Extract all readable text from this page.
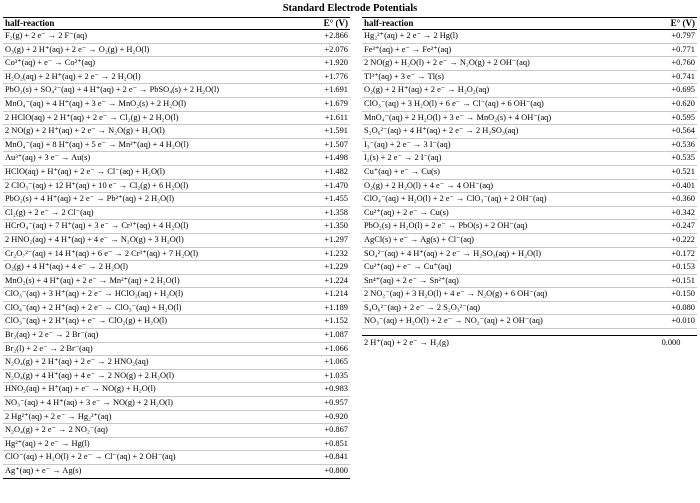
Standard Electrode Potentials
half-reaction	E° (V)
F₂(g) + 2 e⁻ → 2 F⁻(aq)	+2.866
O₃(g) + 2 H⁺(aq) + 2 e⁻ → O₂(g) + H₂O(l)	+2.076
Co³⁺(aq) + e⁻ → Co²⁺(aq)	+1.920
H₂O₂(aq) + 2 H⁺(aq) + 2 e⁻ → 2 H₂O(l)	+1.776
PbO₂(s) + SO₄²⁻(aq) + 4 H⁺(aq) + 2 e⁻ → PbSO₄(s) + 2 H₂O(l)	+1.691
MnO₄⁻(aq) + 4 H⁺(aq) + 3 e⁻ → MnO₂(s) + 2 H₂O(l)	+1.679
2 HClO(aq) + 2 H⁺(aq) + 2 e⁻ → Cl₂(g) + 2 H₂O(l)	+1.611
2 NO(g) + 2 H⁺(aq) + 2 e⁻ → N₂O(g) + H₂O(l)	+1.591
MnO₄⁻(aq) + 8 H⁺(aq) + 5 e⁻ → Mn²⁺(aq) + 4 H₂O(l)	+1.507
Au³⁺(aq) + 3 e⁻ → Au(s)	+1.498
HClO(aq) + H⁺(aq) + 2 e⁻ → Cl⁻(aq) + H₂O(l)	+1.482
2 ClO₃⁻(aq) + 12 H⁺(aq) + 10 e⁻ → Cl₂(g) + 6 H₂O(l)	+1.470
PbO₂(s) + 4 H⁺(aq) + 2 e⁻ → Pb²⁺(aq) + 2 H₂O(l)	+1.455
Cl₂(g) + 2 e⁻ → 2 Cl⁻(aq)	+1.358
HCrO₄⁻(aq) + 7 H⁺(aq) + 3 e⁻ → Cr³⁺(aq) + 4 H₂O(l)	+1.350
2 HNO₂(aq) + 4 H⁺(aq) + 4 e⁻ → N₂O(g) + 3 H₂O(l)	+1.297
Cr₂O₇²⁻(aq) + 14 H⁺(aq) + 6 e⁻ → 2 Cr³⁺(aq) + 7 H₂O(l)	+1.232
O₂(g) + 4 H⁺(aq) + 4 e⁻ → 2 H₂O(l)	+1.229
MnO₂(s) + 4 H⁺(aq) + 2 e⁻ → Mn²⁺(aq) + 2 H₂O(l)	+1.224
ClO₃⁻(aq) + 3 H⁺(aq) + 2 e⁻ → HClO₂(aq) + H₂O(l)	+1.214
ClO₄⁻(aq) + 2 H⁺(aq) + 2 e⁻ → ClO₃⁻(aq) + H₂O(l)	+1.189
ClO₃⁻(aq) + 2 H⁺(aq) + e⁻ → ClO₂(g) + H₂O(l)	+1.152
Br₂(aq) + 2 e⁻ → 2 Br⁻(aq)	+1.087
Br₂(l) + 2 e⁻ → 2 Br⁻(aq)	+1.066
N₂O₄(g) + 2 H⁺(aq) + 2 e⁻ → 2 HNO₂(aq)	+1.065
N₂O₄(g) + 4 H⁺(aq) + 4 e⁻ → 2 NO(g) + 2 H₂O(l)	+1.035
HNO₂(aq) + H⁺(aq) + e⁻ → NO(g) + H₂O(l)	+0.983
NO₃⁻(aq) + 4 H⁺(aq) + 3 e⁻ → NO(g) + 2 H₂O(l)	+0.957
2 Hg²⁺(aq) + 2 e⁻ → Hg₂²⁺(aq)	+0.920
N₂O₄(g) + 2 e⁻ → 2 NO₂⁻(aq)	+0.867
Hg²⁺(aq) + 2 e⁻ → Hg(l)	+0.851
ClO⁻(aq) + H₂O(l) + 2 e⁻ → Cl⁻(aq) + 2 OH⁻(aq)	+0.841
Ag⁺(aq) + e⁻ → Ag(s)	+0.800
half-reaction	E° (V)
Hg₂²⁺(aq) + 2 e⁻ → 2 Hg(l)	+0.797
Fe³⁺(aq) + e⁻ → Fe²⁺(aq)	+0.771
2 NO(g) + H₂O(l) + 2 e⁻ → N₂O(g) + 2 OH⁻(aq)	+0.760
Tl³⁺(aq) + 3 e⁻ → Tl(s)	+0.741
O₂(g) + 2 H⁺(aq) + 2 e⁻ → H₂O₂(aq)	+0.695
ClO₃⁻(aq) + 3 H₂O(l) + 6 e⁻ → Cl⁻(aq) + 6 OH⁻(aq)	+0.620
MnO₄⁻(aq) + 2 H₂O(l) + 3 e⁻ → MnO₂(s) + 4 OH⁻(aq)	+0.595
S₂O₆²⁻(aq) + 4 H⁺(aq) + 2 e⁻ → 2 H₂SO₃(aq)	+0.564
I₃⁻(aq) + 2 e⁻ → 3 I⁻(aq)	+0.536
I₂(s) + 2 e⁻ → 2 I⁻(aq)	+0.535
Cu⁺(aq) + e⁻ → Cu(s)	+0.521
O₂(g) + 2 H₂O(l) + 4 e⁻ → 4 OH⁻(aq)	+0.401
ClO₄⁻(aq) + H₂O(l) + 2 e⁻ → ClO₃⁻(aq) + 2 OH⁻(aq)	+0.360
Cu²⁺(aq) + 2 e⁻ → Cu(s)	+0.342
PbO₂(s) + H₂O(l) + 2 e⁻ → PbO(s) + 2 OH⁻(aq)	+0.247
AgCl(s) + e⁻ → Ag(s) + Cl⁻(aq)	+0.222
SO₄²⁻(aq) + 4 H⁺(aq) + 2 e⁻ → H₂SO₃(aq) + H₂O(l)	+0.172
Cu²⁺(aq) + e⁻ → Cu⁺(aq)	+0.153
Sn⁴⁺(aq) + 2 e⁻ → Sn²⁺(aq)	+0.151
2 NO₂⁻(aq) + 3 H₂O(l) + 4 e⁻ → N₂O(g) + 6 OH⁻(aq)	+0.150
S₄O₆²⁻(aq) + 2 e⁻ → 2 S₂O₃²⁻(aq)	+0.080
NO₃⁻(aq) + H₂O(l) + 2 e⁻ → NO₂⁻(aq) + 2 OH⁻(aq)	+0.010

2 H⁺(aq) + 2 e⁻ → H₂(g)	0.000
